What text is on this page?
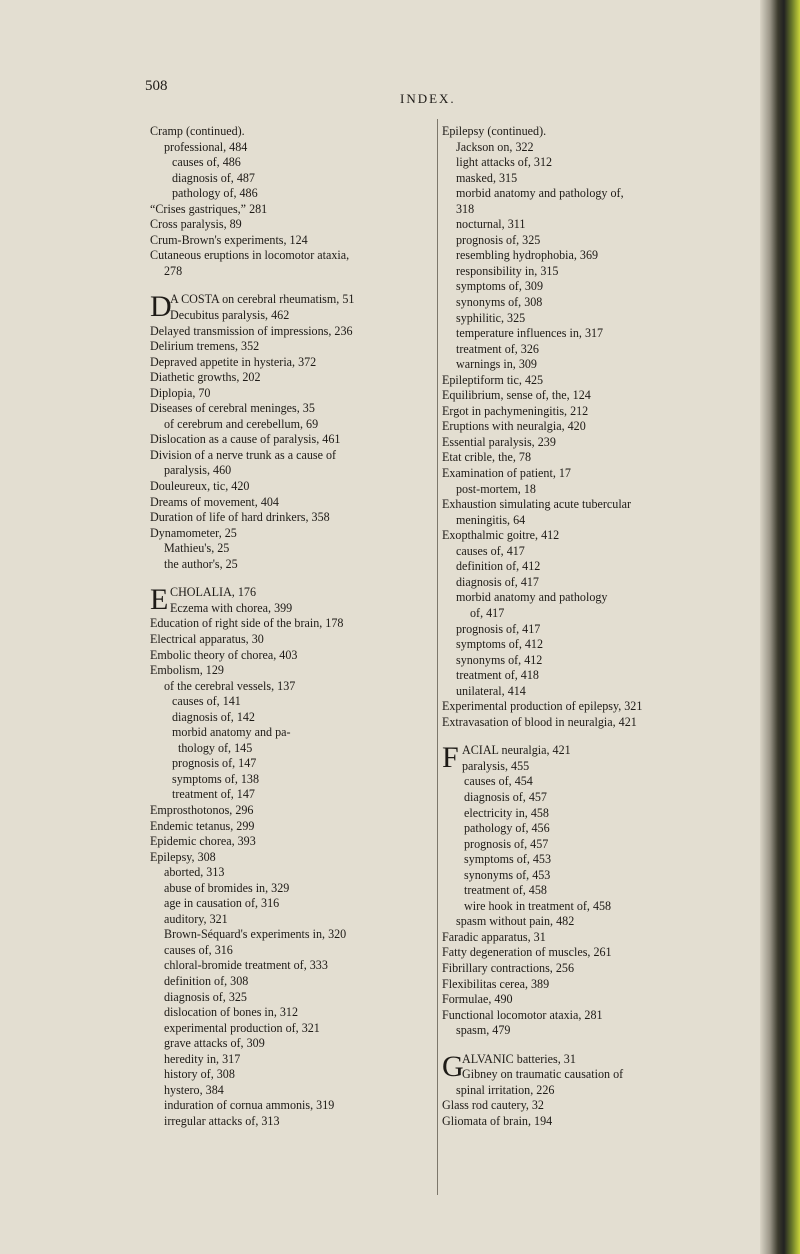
508
INDEX.
Cramp (continued).
professional, 484
causes of, 486
diagnosis of, 487
pathology of, 486
“Crises gastriques,” 281
Cross paralysis, 89
Crum-Brown's experiments, 124
Cutaneous eruptions in locomotor ataxia,
278
D
A COSTA on cerebral rheumatism, 51
Decubitus paralysis, 462
Delayed transmission of impressions, 236
Delirium tremens, 352
Depraved appetite in hysteria, 372
Diathetic growths, 202
Diplopia, 70
Diseases of cerebral meninges, 35
of cerebrum and cerebellum, 69
Dislocation as a cause of paralysis, 461
Division of a nerve trunk as a cause of
paralysis, 460
Douleureux, tic, 420
Dreams of movement, 404
Duration of life of hard drinkers, 358
Dynamometer, 25
Mathieu's, 25
the author's, 25
E CHOLALIA, 176
Eczema with chorea, 399
Education of right side of the brain, 178
Electrical apparatus, 30
Embolic theory of chorea, 403
Embolism, 129
of the cerebral vessels, 137
causes of, 141
diagnosis of, 142
morbid anatomy and pa-
thology of, 145
prognosis of, 147
symptoms of, 138
treatment of, 147
Emprosthotonos, 296
Endemic tetanus, 299
Epidemic chorea, 393
Epilepsy, 308
aborted, 313
abuse of bromides in, 329
age in causation of, 316
auditory, 321
Brown-Séquard's experiments in, 320
causes of, 316
chloral-bromide treatment of, 333
definition of, 308
diagnosis of, 325
dislocation of bones in, 312
experimental production of, 321
grave attacks of, 309
heredity in, 317
history of, 308
hystero, 384
induration of cornua ammonis, 319
irregular attacks of, 313
Epilepsy (continued).
Jackson on, 322
light attacks of, 312
masked, 315
morbid anatomy and pathology of,
318
nocturnal, 311
prognosis of, 325
resembling hydrophobia, 369
responsibility in, 315
symptoms of, 309
synonyms of, 308
syphilitic, 325
temperature influences in, 317
treatment of, 326
warnings in, 309
Epileptiform tic, 425
Equilibrium, sense of, the, 124
Ergot in pachymeningitis, 212
Eruptions with neuralgia, 420
Essential paralysis, 239
Etat crible, the, 78
Examination of patient, 17
post-mortem, 18
Exhaustion simulating acute tubercular
meningitis, 64
Exopthalmic goitre, 412
causes of, 417
definition of, 412
diagnosis of, 417
morbid anatomy and pathology
of, 417
prognosis of, 417
symptoms of, 412
synonyms of, 412
treatment of, 418
unilateral, 414
Experimental production of epilepsy, 321
Extravasation of blood in neuralgia, 421
F ACIAL neuralgia, 421
paralysis, 455
causes of, 454
diagnosis of, 457
electricity in, 458
pathology of, 456
prognosis of, 457
symptoms of, 453
synonyms of, 453
treatment of, 458
wire hook in treatment of, 458
spasm without pain, 482
Faradic apparatus, 31
Fatty degeneration of muscles, 261
Fibrillary contractions, 256
Flexibilitas cerea, 389
Formulae, 490
Functional locomotor ataxia, 281
spasm, 479
G
ALVANIC batteries, 31
Gibney on traumatic causation of
spinal irritation, 226
Glass rod cautery, 32
Gliomata of brain, 194
